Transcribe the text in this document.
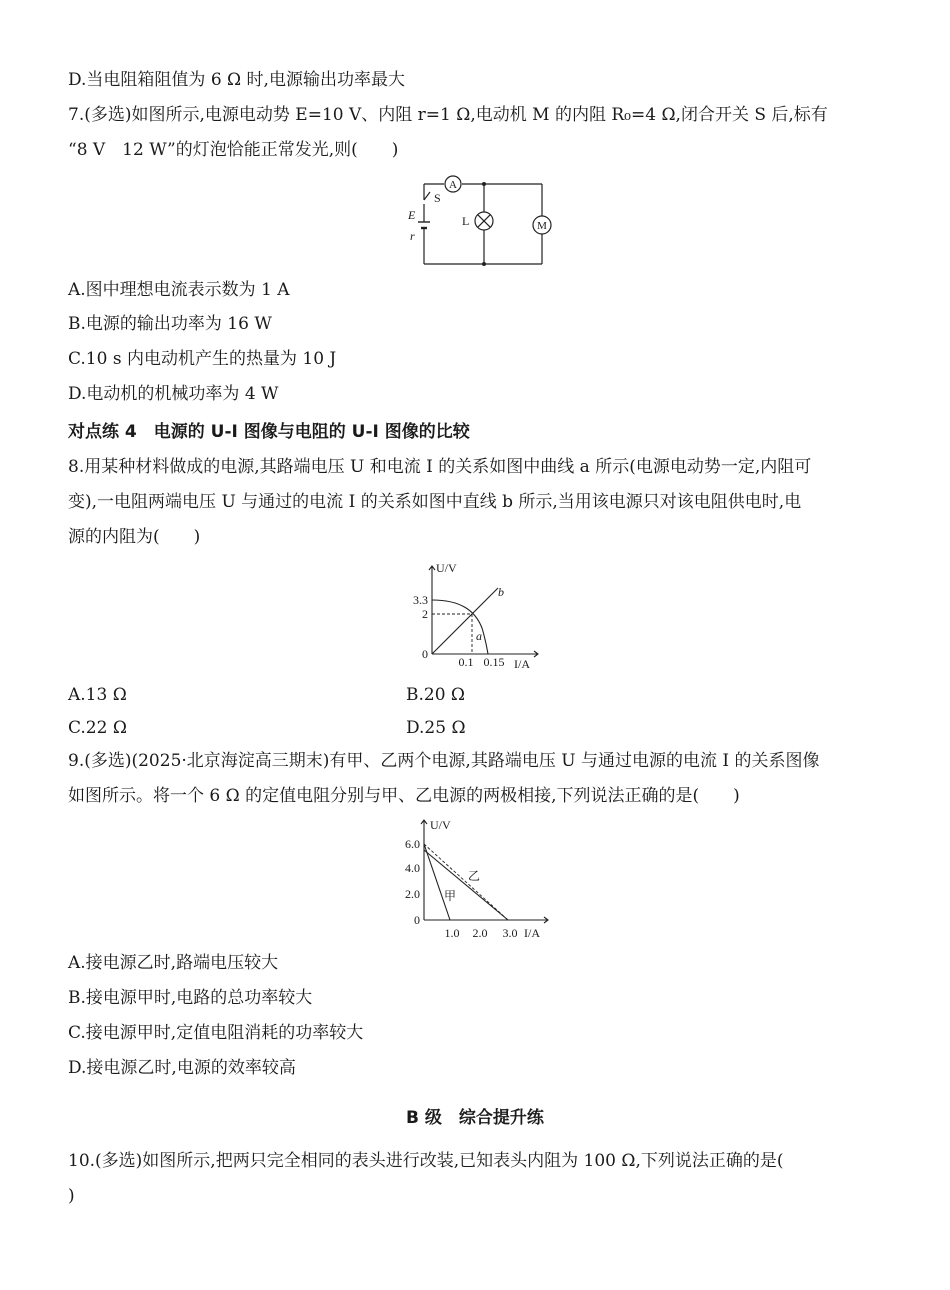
D.当电阻箱阻值为 6 Ω 时,电源输出功率最大
7.(多选)如图所示,电源电动势 E=10 V、内阻 r=1 Ω,电动机 M 的内阻 R₀=4 Ω,闭合开关 S 后,标有
“8 V　12 W”的灯泡恰能正常发光,则(　　)
A
S
E
r
L	M
A.图中理想电流表示数为 1 A
B.电源的输出功率为 16 W
C.10 s 内电动机产生的热量为 10 J
D.电动机的机械功率为 4 W
对点练 4　电源的 U-I 图像与电阻的 U-I 图像的比较
8.用某种材料做成的电源,其路端电压 U 和电流 I 的关系如图中曲线 a 所示(电源电动势一定,内阻可
变),一电阻两端电压 U 与通过的电流 I 的关系如图中直线 b 所示,当用该电源只对该电阻供电时,电
源的内阻为(　　)
U/V
I/A
3.3
2
0
0.1 0.15
a
b
A.13 Ω	B.20 Ω
C.22 Ω	D.25 Ω
9.(多选)(2025·北京海淀高三期末)有甲、乙两个电源,其路端电压 U 与通过电源的电流 I 的关系图像
如图所示。将一个 6 Ω 的定值电阻分别与甲、乙电源的两极相接,下列说法正确的是(　　)
U/V
I/A
6.0
4.0
2.0
0
1.0 2.0 3.0
甲
乙
A.接电源乙时,路端电压较大
B.接电源甲时,电路的总功率较大
C.接电源甲时,定值电阻消耗的功率较大
D.接电源乙时,电源的效率较高
B 级　综合提升练
10.(多选)如图所示,把两只完全相同的表头进行改装,已知表头内阻为 100 Ω,下列说法正确的是(
)
